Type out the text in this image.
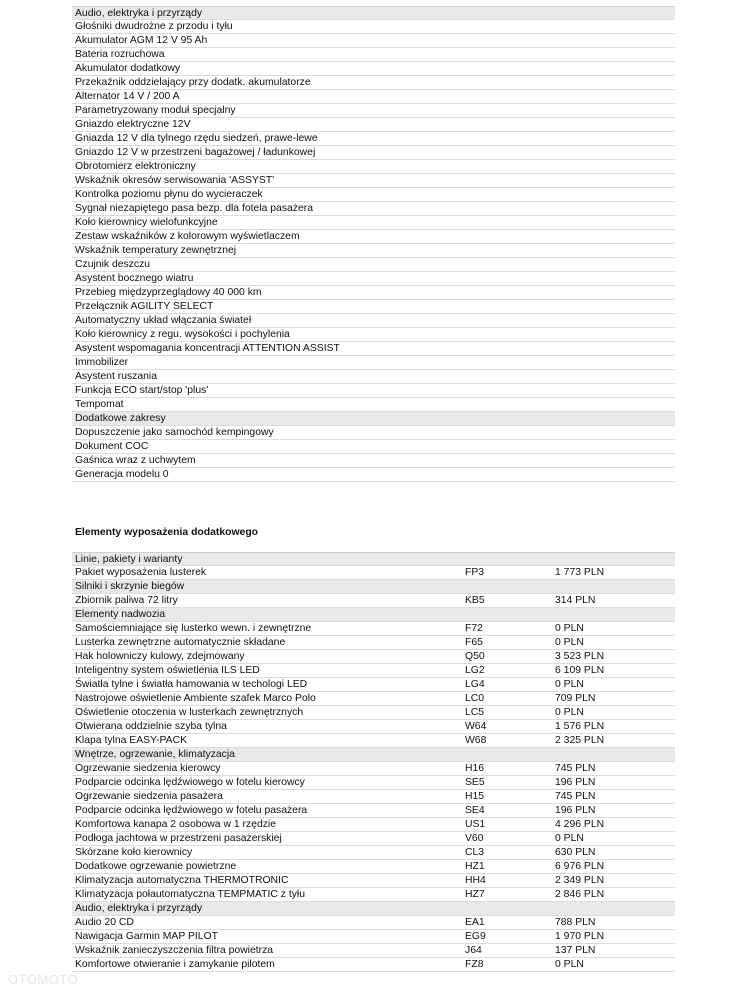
Audio, elektryka i przyrządy
Głośniki dwudrożne z przodu i tyłu
Akumulator AGM 12 V 95 Ah
Bateria rozruchowa
Akumulator dodatkowy
Przekaźnik oddzielający przy dodatk. akumulatorze
Alternator 14 V / 200 A
Parametryzowany moduł specjalny
Gniazdo elektryczne 12V
Gniazda 12 V dla tylnego rzędu siedzeń, prawe-lewe
Gniazdo 12 V w przestrzeni bagażowej / ładunkowej
Obrotomierz elektroniczny
Wskaźnik okresów serwisowania 'ASSYST'
Kontrolka poziomu płynu do wycieraczek
Sygnał niezapiętego pasa bezp. dla fotela pasażera
Koło kierownicy wielofunkcyjne
Zestaw wskaźników z kolorowym wyświetlaczem
Wskaźnik temperatury zewnętrznej
Czujnik deszczu
Asystent bocznego wiatru
Przebieg międzyprzeglądowy 40 000 km
Przełącznik AGILITY SELECT
Automatyczny układ włączania świateł
Koło kierownicy z regu. wysokości i pochylenia
Asystent wspomagania koncentracji ATTENTION ASSIST
Immobilizer
Asystent ruszania
Funkcja ECO start/stop 'plus'
Tempomat
Dodatkowe zakresy
Dopuszczenie jako samochód kempingowy
Dokument COC
Gaśnica wraz z uchwytem
Generacja modelu 0
Elementy wyposażenia dodatkowego
Linie, pakiety i warianty
Pakiet wyposażenia lusterek	FP3	1 773 PLN
Silniki i skrzynie biegów
Zbiornik paliwa 72 litry	KB5	314 PLN
Elementy nadwozia
Samościemniające się lusterko wewn. i zewnętrzne	F72	0 PLN
Lusterka zewnętrzne automatycznie składane	F65	0 PLN
Hak holowniczy kulowy, zdejmowany	Q50	3 523 PLN
Inteligentny system oświetlenia ILS LED	LG2	6 109 PLN
Światła tylne i światła hamowania w techologi LED	LG4	0 PLN
Nastrojowe oświetlenie Ambiente szafek Marco Polo	LC0	709 PLN
Oświetlenie otoczenia w lusterkach zewnętrznych	LC5	0 PLN
Otwierana oddzielnie szyba tylna	W64	1 576 PLN
Klapa tylna EASY-PACK	W68	2 325 PLN
Wnętrze, ogrzewanie, klimatyzacja
Ogrzewanie siedzenia kierowcy	H16	745 PLN
Podparcie odcinka lędźwiowego w fotelu kierowcy	SE5	196 PLN
Ogrzewanie siedzenia pasażera	H15	745 PLN
Podparcie odcinka lędźwiowego w fotelu pasażera	SE4	196 PLN
Komfortowa kanapa 2 osobowa w 1 rzędzie	US1	4 296 PLN
Podłoga jachtowa w przestrzeni pasażerskiej	V60	0 PLN
Skórzane koło kierownicy	CL3	630 PLN
Dodatkowe ogrzewanie powietrzne	HZ1	6 976 PLN
Klimatyzacja automatyczna THERMOTRONIC	HH4	2 349 PLN
Klimatyzacja połautomatyczna TEMPMATIC z tyłu	HZ7	2 846 PLN
Audio, elektryka i przyrządy
Audio 20 CD	EA1	788 PLN
Nawigacja Garmin MAP PILOT	EG9	1 970 PLN
Wskaźnik zanieczyszczenia filtra powietrza	J64	137 PLN
Komfortowe otwieranie i zamykanie pilotem	FZ8	0 PLN
OTOMOTO
